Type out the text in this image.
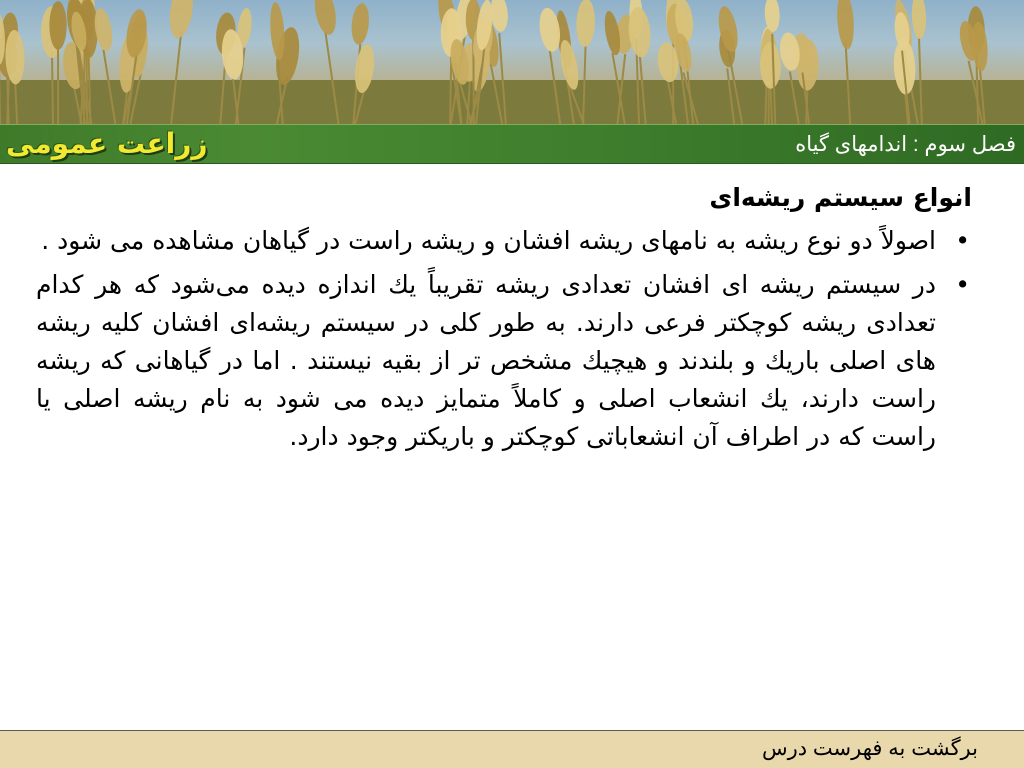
زراعت عمومی	فصل سوم : اندامهای گیاه
انواع سیستم ریشه‌ای
•
اصولاً دو نوع ریشه به نامهای ریشه افشان و ریشه راست در گیاهان مشاهده می شود .
•
در سیستم ریشه ای افشان تعدادی ریشه تقریباً یك اندازه دیده می‌شود که هر کدام تعدادی ریشه کوچکتر فرعی دارند. به طور کلی در سیستم ریشه‌ای افشان کلیه ریشه های اصلی باریك و بلندند و هیچیك مشخص تر از بقیه نیستند . اما در گیاهانی که ریشه راست دارند، یك انشعاب اصلی و کاملاً متمایز دیده می شود به نام ریشه اصلی یا راست که در اطراف آن انشعاباتی کوچکتر و باریکتر وجود دارد.
برگشت به فهرست درس
